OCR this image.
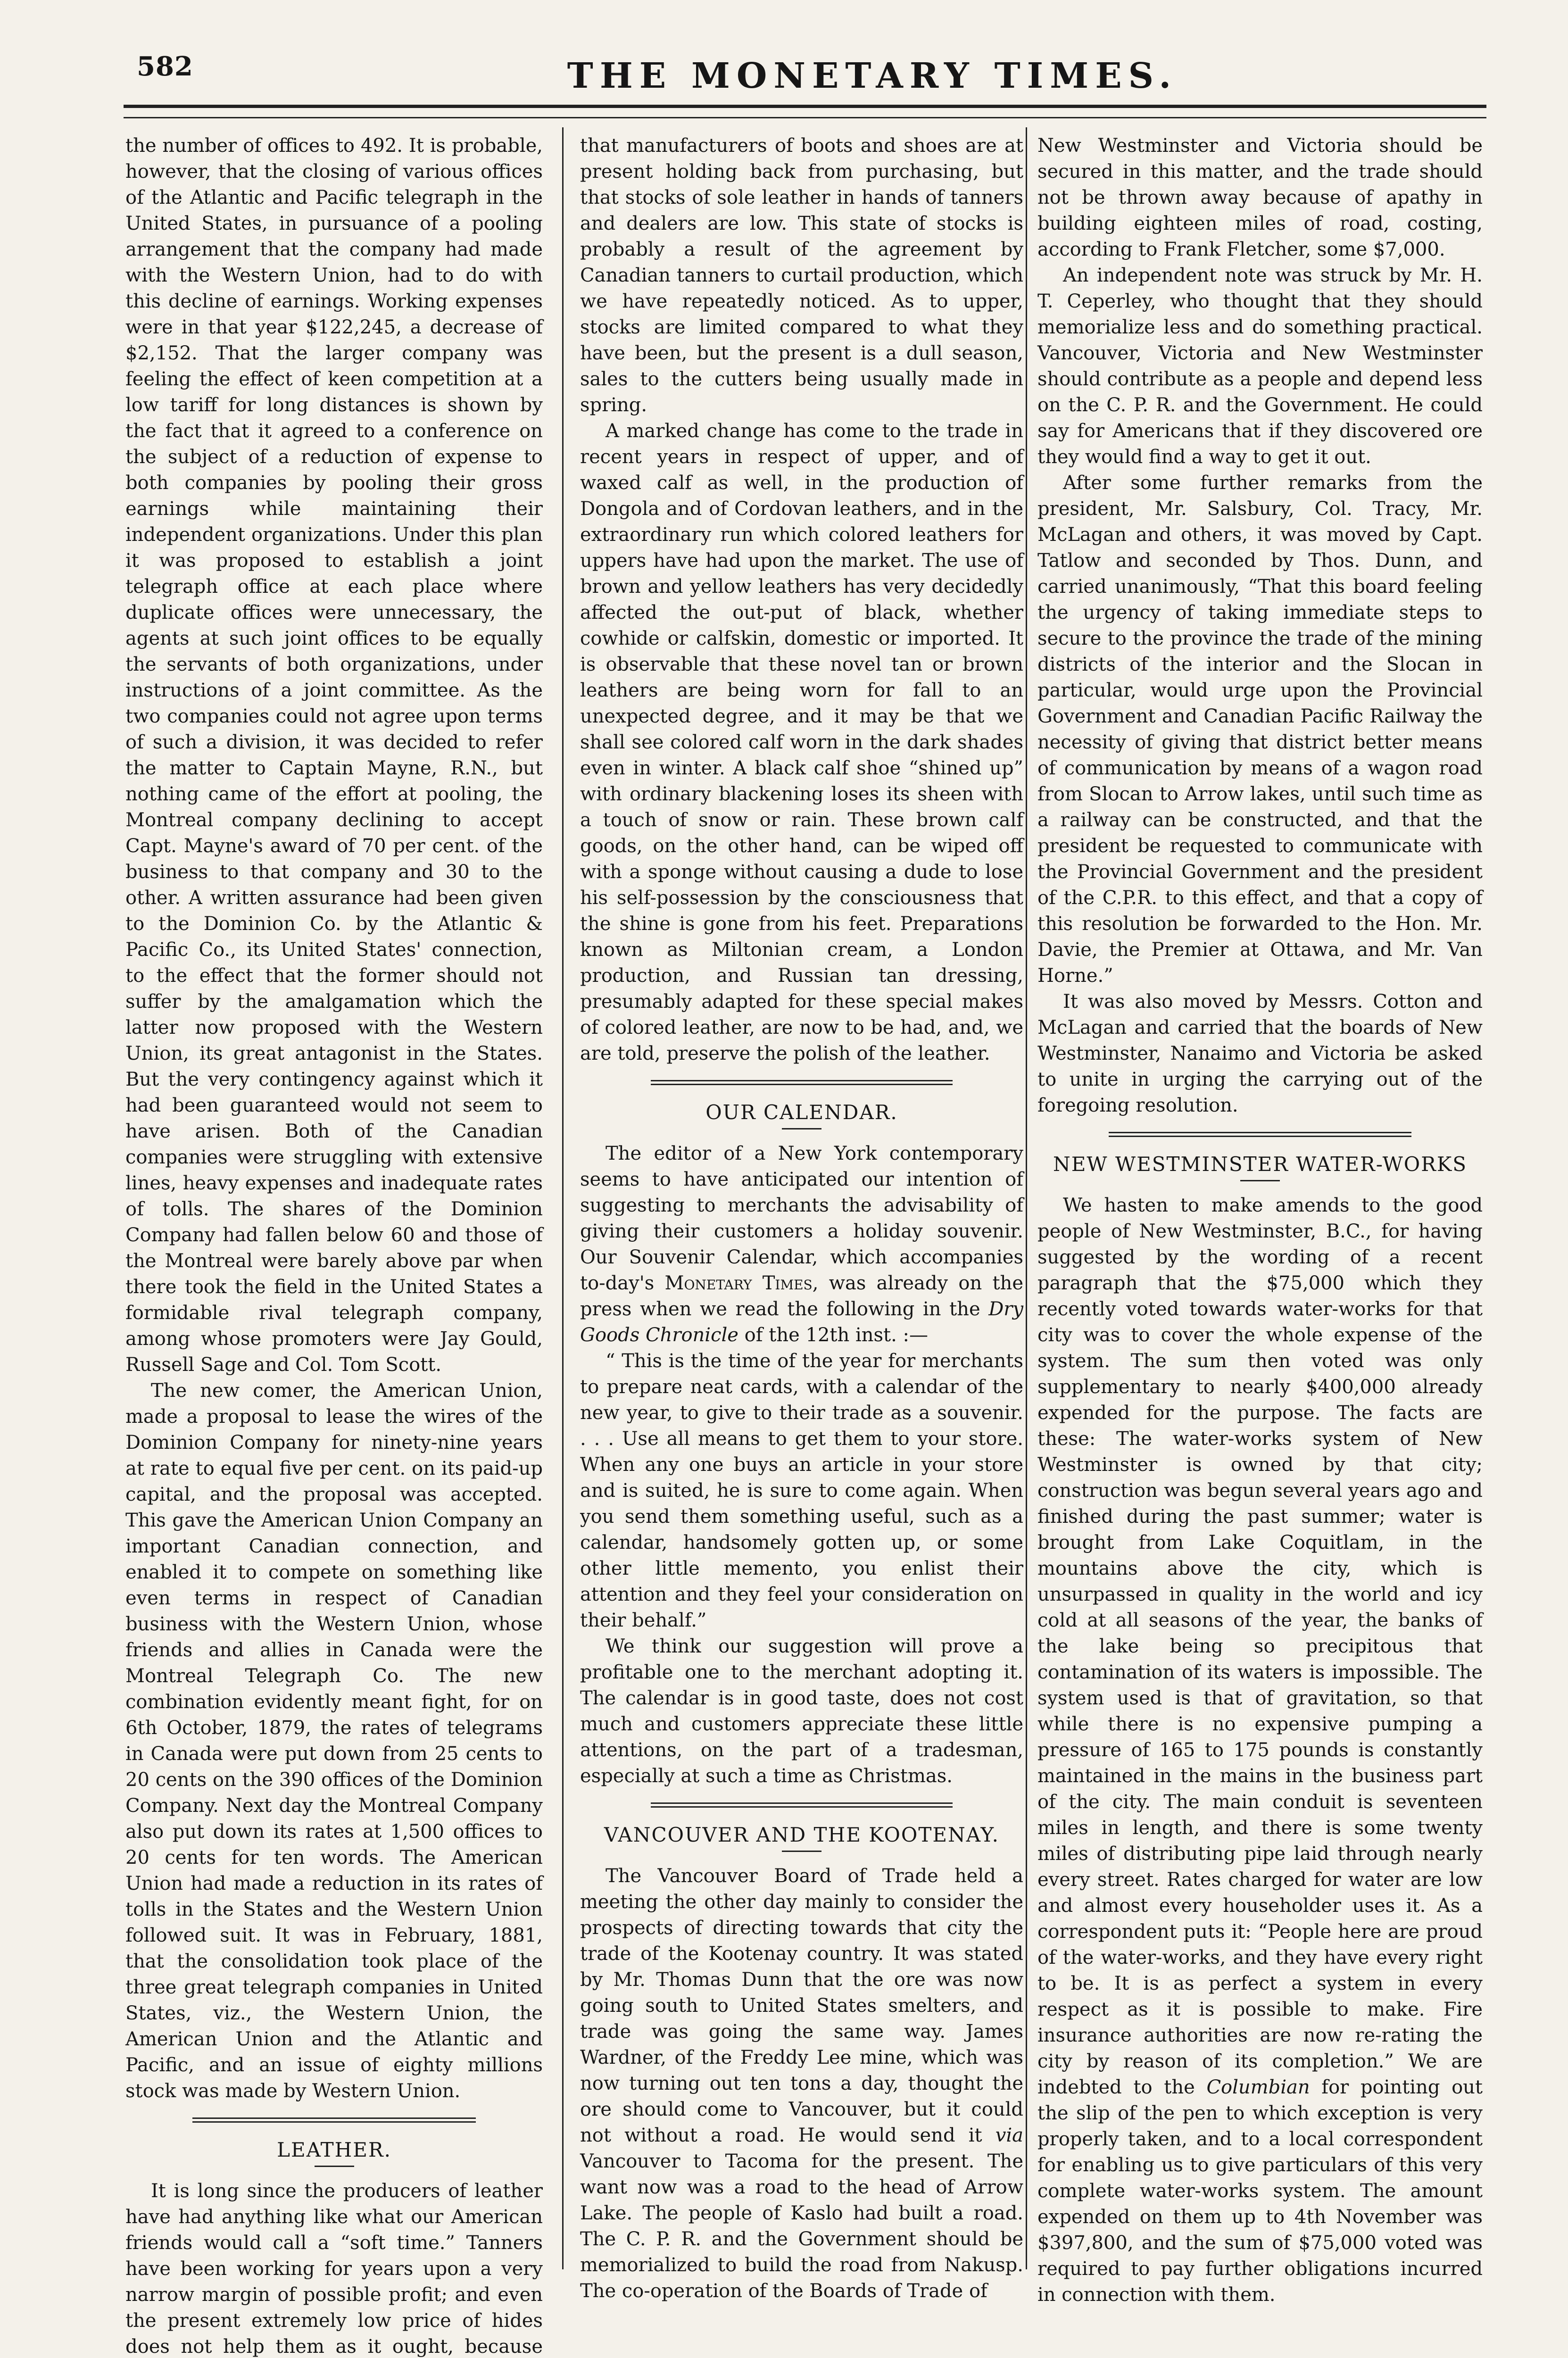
582	THE MONETARY TIMES.

the number of offices to 492. It is probable, however, that the closing of various offices of the Atlantic and Pacific telegraph in the United States, in pursuance of a pooling arrangement that the company had made with the Western Union, had to do with this decline of earnings. Working expenses were in that year $122,245, a decrease of $2,152. That the larger company was feeling the effect of keen competition at a low tariff for long distances is shown by the fact that it agreed to a conference on the subject of a reduction of expense to both companies by pooling their gross earnings while maintaining their independent organizations. Under this plan it was proposed to establish a joint telegraph office at each place where duplicate offices were unnecessary, the agents at such joint offices to be equally the servants of both organizations, under instructions of a joint committee. As the two companies could not agree upon terms of such a division, it was decided to refer the matter to Captain Mayne, R.N., but nothing came of the effort at pooling, the Montreal company declining to accept Capt. Mayne's award of 70 per cent. of the business to that company and 30 to the other. A written assurance had been given to the Dominion Co. by the Atlantic & Pacific Co., its United States' connection, to the effect that the former should not suffer by the amalgamation which the latter now proposed with the Western Union, its great antagonist in the States. But the very contingency against which it had been guaranteed would not seem to have arisen. Both of the Canadian companies were struggling with extensive lines, heavy expenses and inadequate rates of tolls. The shares of the Dominion Company had fallen below 60 and those of the Montreal were barely above par when there took the field in the United States a formidable rival telegraph company, among whose promoters were Jay Gould, Russell Sage and Col. Tom Scott.

The new comer, the American Union, made a proposal to lease the wires of the Dominion Company for ninety-nine years at rate to equal five per cent. on its paid-up capital, and the proposal was accepted. This gave the American Union Company an important Canadian connection, and enabled it to compete on something like even terms in respect of Canadian business with the Western Union, whose friends and allies in Canada were the Montreal Telegraph Co. The new combination evidently meant fight, for on 6th October, 1879, the rates of telegrams in Canada were put down from 25 cents to 20 cents on the 390 offices of the Dominion Company. Next day the Montreal Company also put down its rates at 1,500 offices to 20 cents for ten words. The American Union had made a reduction in its rates of tolls in the States and the Western Union followed suit. It was in February, 1881, that the consolidation took place of the three great telegraph companies in United States, viz., the Western Union, the American Union and the Atlantic and Pacific, and an issue of eighty millions stock was made by Western Union.

LEATHER.

It is long since the producers of leather have had anything like what our American friends would call a “soft time.” Tanners have been working for years upon a very narrow margin of possible profit; and even the present extremely low price of hides does not help them as it ought, because

that manufacturers of boots and shoes are at present holding back from purchasing, but that stocks of sole leather in hands of tanners and dealers are low. This state of stocks is probably a result of the agreement by Canadian tanners to curtail production, which we have repeatedly noticed. As to upper, stocks are limited compared to what they have been, but the present is a dull season, sales to the cutters being usually made in spring.

A marked change has come to the trade in recent years in respect of upper, and of waxed calf as well, in the production of Dongola and of Cordovan leathers, and in the extraordinary run which colored leathers for uppers have had upon the market. The use of brown and yellow leathers has very decidedly affected the out-put of black, whether cowhide or calfskin, domestic or imported. It is observable that these novel tan or brown leathers are being worn for fall to an unexpected degree, and it may be that we shall see colored calf worn in the dark shades even in winter. A black calf shoe “shined up” with ordinary blackening loses its sheen with a touch of snow or rain. These brown calf goods, on the other hand, can be wiped off with a sponge without causing a dude to lose his self-possession by the consciousness that the shine is gone from his feet. Preparations known as Miltonian cream, a London production, and Russian tan dressing, presumably adapted for these special makes of colored leather, are now to be had, and, we are told, preserve the polish of the leather.

OUR CALENDAR.

The editor of a New York contemporary seems to have anticipated our intention of suggesting to merchants the advisability of giving their customers a holiday souvenir. Our Souvenir Calendar, which accompanies to-day's Monetary Times, was already on the press when we read the following in the Dry Goods Chronicle of the 12th inst. :—

“ This is the time of the year for merchants to prepare neat cards, with a calendar of the new year, to give to their trade as a souvenir. . . . Use all means to get them to your store. When any one buys an article in your store and is suited, he is sure to come again. When you send them something useful, such as a calendar, handsomely gotten up, or some other little memento, you enlist their attention and they feel your consideration on their behalf.”

We think our suggestion will prove a profitable one to the merchant adopting it. The calendar is in good taste, does not cost much and customers appreciate these little attentions, on the part of a tradesman, especially at such a time as Christmas.

VANCOUVER AND THE KOOTENAY.

The Vancouver Board of Trade held a meeting the other day mainly to consider the prospects of directing towards that city the trade of the Kootenay country. It was stated by Mr. Thomas Dunn that the ore was now going south to United States smelters, and trade was going the same way. James Wardner, of the Freddy Lee mine, which was now turning out ten tons a day, thought the ore should come to Vancouver, but it could not without a road. He would send it via Vancouver to Tacoma for the present. The want now was a road to the head of Arrow Lake. The people of Kaslo had built a road. The C. P. R. and the Government should be memorialized to build the road from Nakusp. The co-operation of the Boards of Trade of

New Westminster and Victoria should be secured in this matter, and the trade should not be thrown away because of apathy in building eighteen miles of road, costing, according to Frank Fletcher, some $7,000.

An independent note was struck by Mr. H. T. Ceperley, who thought that they should memorialize less and do something practical. Vancouver, Victoria and New Westminster should contribute as a people and depend less on the C. P. R. and the Government. He could say for Americans that if they discovered ore they would find a way to get it out.

After some further remarks from the president, Mr. Salsbury, Col. Tracy, Mr. McLagan and others, it was moved by Capt. Tatlow and seconded by Thos. Dunn, and carried unanimously, “That this board feeling the urgency of taking immediate steps to secure to the province the trade of the mining districts of the interior and the Slocan in particular, would urge upon the Provincial Government and Canadian Pacific Railway the necessity of giving that district better means of communication by means of a wagon road from Slocan to Arrow lakes, until such time as a railway can be constructed, and that the president be requested to communicate with the Provincial Government and the president of the C.P.R. to this effect, and that a copy of this resolution be forwarded to the Hon. Mr. Davie, the Premier at Ottawa, and Mr. Van Horne.”

It was also moved by Messrs. Cotton and McLagan and carried that the boards of New Westminster, Nanaimo and Victoria be asked to unite in urging the carrying out of the foregoing resolution.

NEW WESTMINSTER WATER-WORKS

We hasten to make amends to the good people of New Westminster, B.C., for having suggested by the wording of a recent paragraph that the $75,000 which they recently voted towards water-works for that city was to cover the whole expense of the system. The sum then voted was only supplementary to nearly $400,000 already expended for the purpose. The facts are these: The water-works system of New Westminster is owned by that city; construction was begun several years ago and finished during the past summer; water is brought from Lake Coquitlam, in the mountains above the city, which is unsurpassed in quality in the world and icy cold at all seasons of the year, the banks of the lake being so precipitous that contamination of its waters is impossible. The system used is that of gravitation, so that while there is no expensive pumping a pressure of 165 to 175 pounds is constantly maintained in the mains in the business part of the city. The main conduit is seventeen miles in length, and there is some twenty miles of distributing pipe laid through nearly every street. Rates charged for water are low and almost every householder uses it. As a correspondent puts it: “People here are proud of the water-works, and they have every right to be. It is as perfect a system in every respect as it is possible to make. Fire insurance authorities are now re-rating the city by reason of its completion.” We are indebted to the Columbian for pointing out the slip of the pen to which exception is very properly taken, and to a local correspondent for enabling us to give particulars of this very complete water-works system. The amount expended on them up to 4th November was $397,800, and the sum of $75,000 voted was required to pay further obligations incurred in connection with them.
